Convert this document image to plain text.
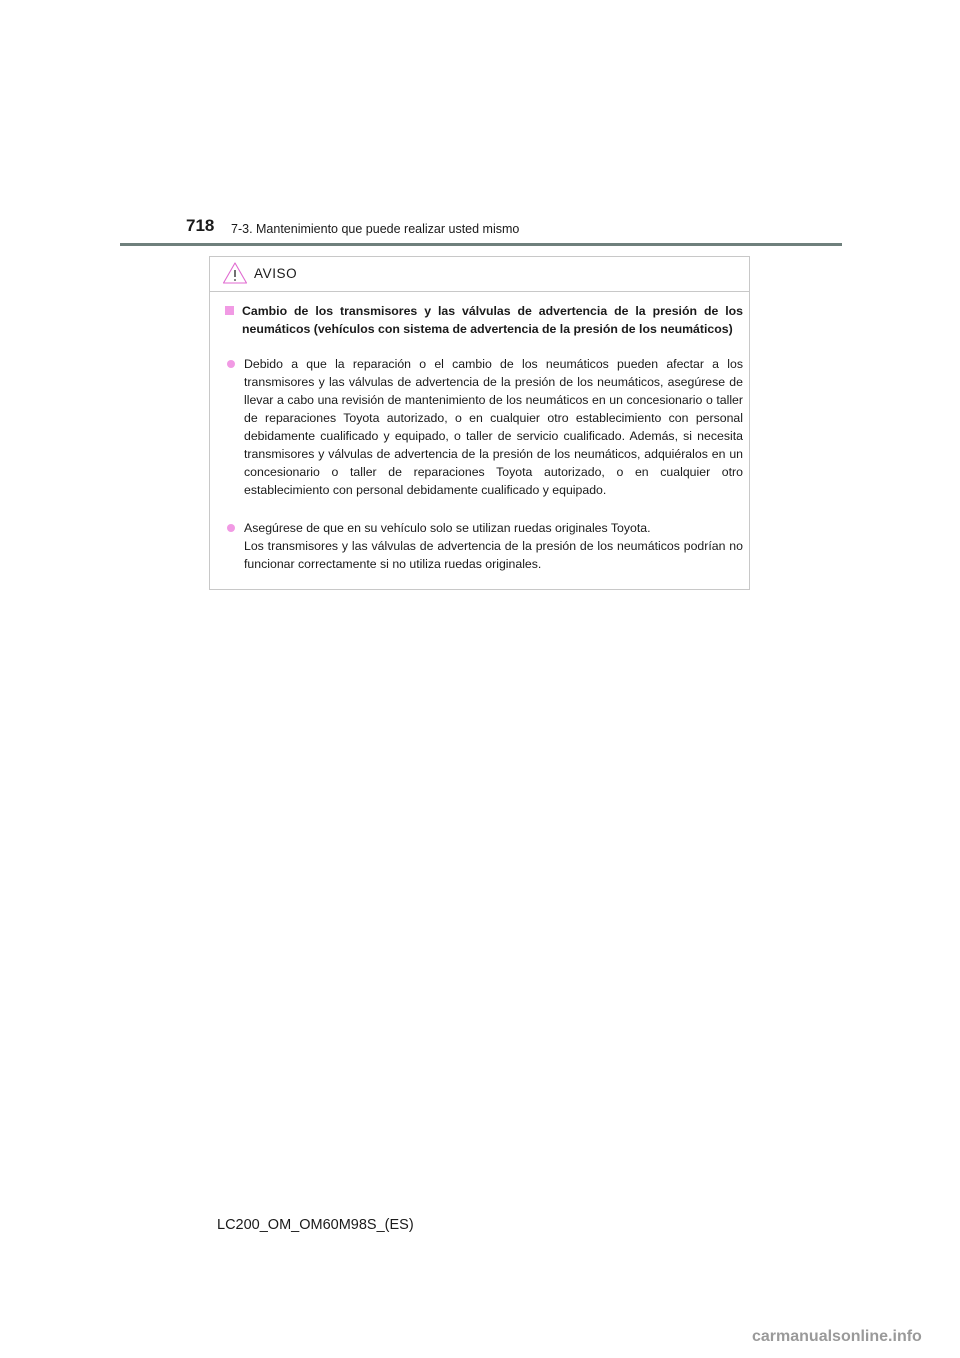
718 7-3. Mantenimiento que puede realizar usted mismo
AVISO
Cambio de los transmisores y las válvulas de advertencia de la presión de los neumáticos (vehículos con sistema de advertencia de la presión de los neumáticos)

Debido a que la reparación o el cambio de los neumáticos pueden afectar a los transmisores y las válvulas de advertencia de la presión de los neumáticos, asegúrese de llevar a cabo una revisión de mantenimiento de los neumáticos en un concesionario o taller de reparaciones Toyota autorizado, o en cualquier otro establecimiento con personal debidamente cualificado y equipado, o taller de servicio cualificado. Además, si necesita transmisores y válvulas de advertencia de la presión de los neumáticos, adquiéralos en un concesionario o taller de reparaciones Toyota autorizado, o en cualquier otro establecimiento con personal debidamente cualificado y equipado.

Asegúrese de que en su vehículo solo se utilizan ruedas originales Toyota.

Los transmisores y las válvulas de advertencia de la presión de los neumáticos podrían no funcionar correctamente si no utiliza ruedas originales.

LC200_OM_OM60M98S_(ES)
carmanualsonline.info
